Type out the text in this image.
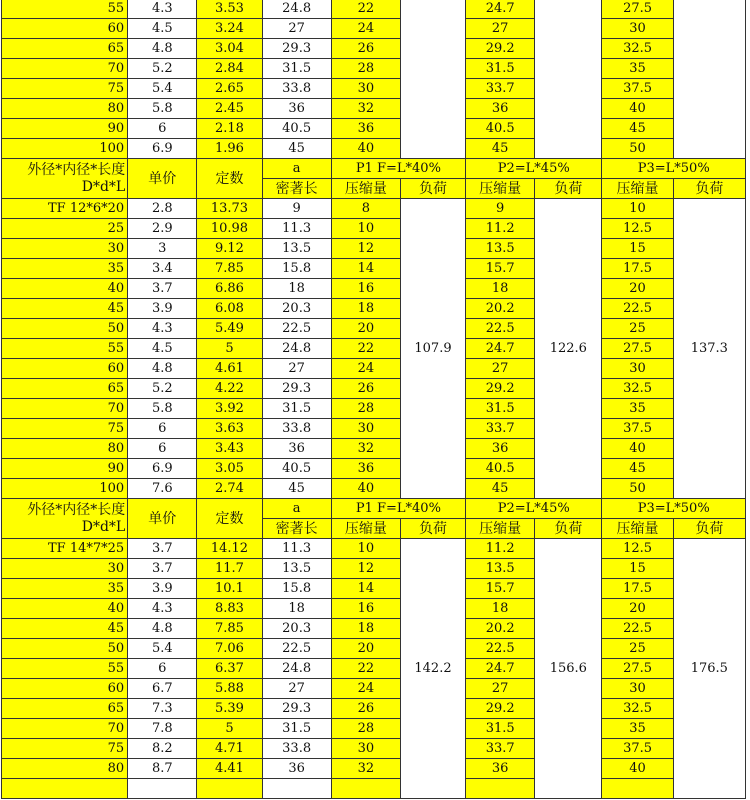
55	4.3	3.53	24.8	22		24.7		27.5	
60	4.5	3.24	27	24		27		30	
65	4.8	3.04	29.3	26		29.2		32.5	
70	5.2	2.84	31.5	28		31.5		35	
75	5.4	2.65	33.8	30		33.7		37.5	
80	5.8	2.45	36	32		36		40	
90	6	2.18	40.5	36		40.5		45	
100	6.9	1.96	45	40		45		50	
外径*内径*长度D*d*L	单价	定数	a	P1 F=L*40%		P2=L*45%		P3=L*50%	
			密著长	压缩量	负荷	压缩量	负荷	压缩量	负荷
TF 12*6*20	2.8	13.73	9	8	107.9	9	122.6	10	137.3
25	2.9	10.98	11.3	10		11.2		12.5	
30	3	9.12	13.5	12		13.5		15	
35	3.4	7.85	15.8	14		15.7		17.5	
40	3.7	6.86	18	16		18		20	
45	3.9	6.08	20.3	18		20.2		22.5	
50	4.3	5.49	22.5	20		22.5		25	
55	4.5	5	24.8	22		24.7		27.5	
60	4.8	4.61	27	24		27		30	
65	5.2	4.22	29.3	26		29.2		32.5	
70	5.8	3.92	31.5	28		31.5		35	
75	6	3.63	33.8	30		33.7		37.5	
80	6	3.43	36	32		36		40	
90	6.9	3.05	40.5	36		40.5		45	
100	7.6	2.74	45	40		45		50	
外径*内径*长度D*d*L	单价	定数	a	P1 F=L*40%		P2=L*45%		P3=L*50%	
			密著长	压缩量	负荷	压缩量	负荷	压缩量	负荷
TF 14*7*25	3.7	14.12	11.3	10	142.2	11.2	156.6	12.5	176.5
30	3.7	11.7	13.5	12		13.5		15	
35	3.9	10.1	15.8	14		15.7		17.5	
40	4.3	8.83	18	16		18		20	
45	4.8	7.85	20.3	18		20.2		22.5	
50	5.4	7.06	22.5	20		22.5		25	
55	6	6.37	24.8	22		24.7		27.5	
60	6.7	5.88	27	24		27		30	
65	7.3	5.39	29.3	26		29.2		32.5	
70	7.8	5	31.5	28		31.5		35	
75	8.2	4.71	33.8	30		33.7		37.5	
80	8.7	4.41	36	32		36		40	
